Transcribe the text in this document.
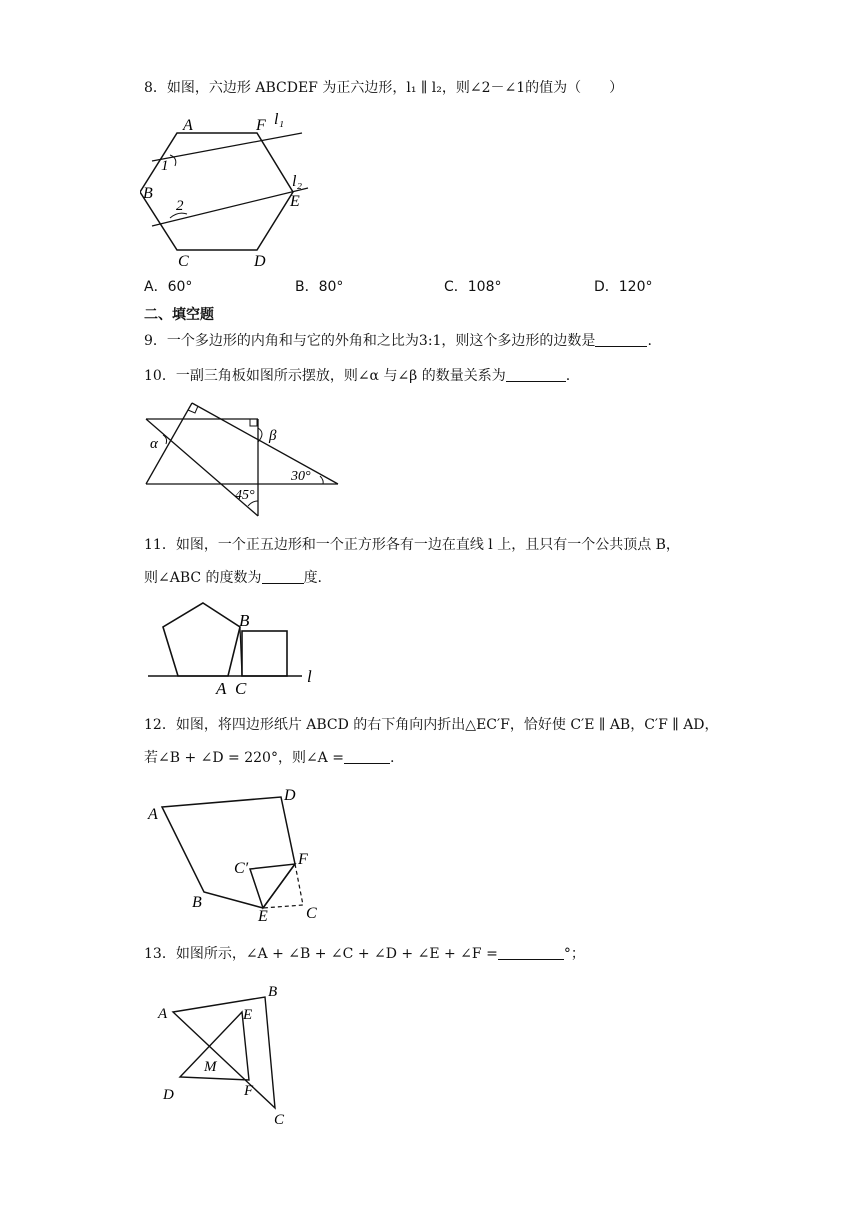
8．如图，六边形 ABCDEF 为正六边形，l₁ ∥ l₂，则∠2－∠1的值为（　　）
A	F l₁
1
B
l₂
E
2
C	D
A．60°	B．80°	C．108°	D．120°
二、填空题
9．一个多边形的内角和与它的外角和之比为3:1，则这个多边形的边数是	.
10．一副三角板如图所示摆放，则∠α 与∠β 的数量关系为	.
α	β
30°
45°
11．如图，一个正五边形和一个正方形各有一边在直线 l 上，且只有一个公共顶点 B，
则∠ABC 的度数为	度.
B
A C
l
12．如图，将四边形纸片 ABCD 的右下角向内折出△EC′F，恰好使 C′E ∥ AB，C′F ∥ AD，
若∠B + ∠D = 220°，则∠A =	.
A
D
C′
F
B
E C
13．如图所示，∠A + ∠B + ∠C + ∠D + ∠E + ∠F =	°；
A
B
E
M
D	F
C
